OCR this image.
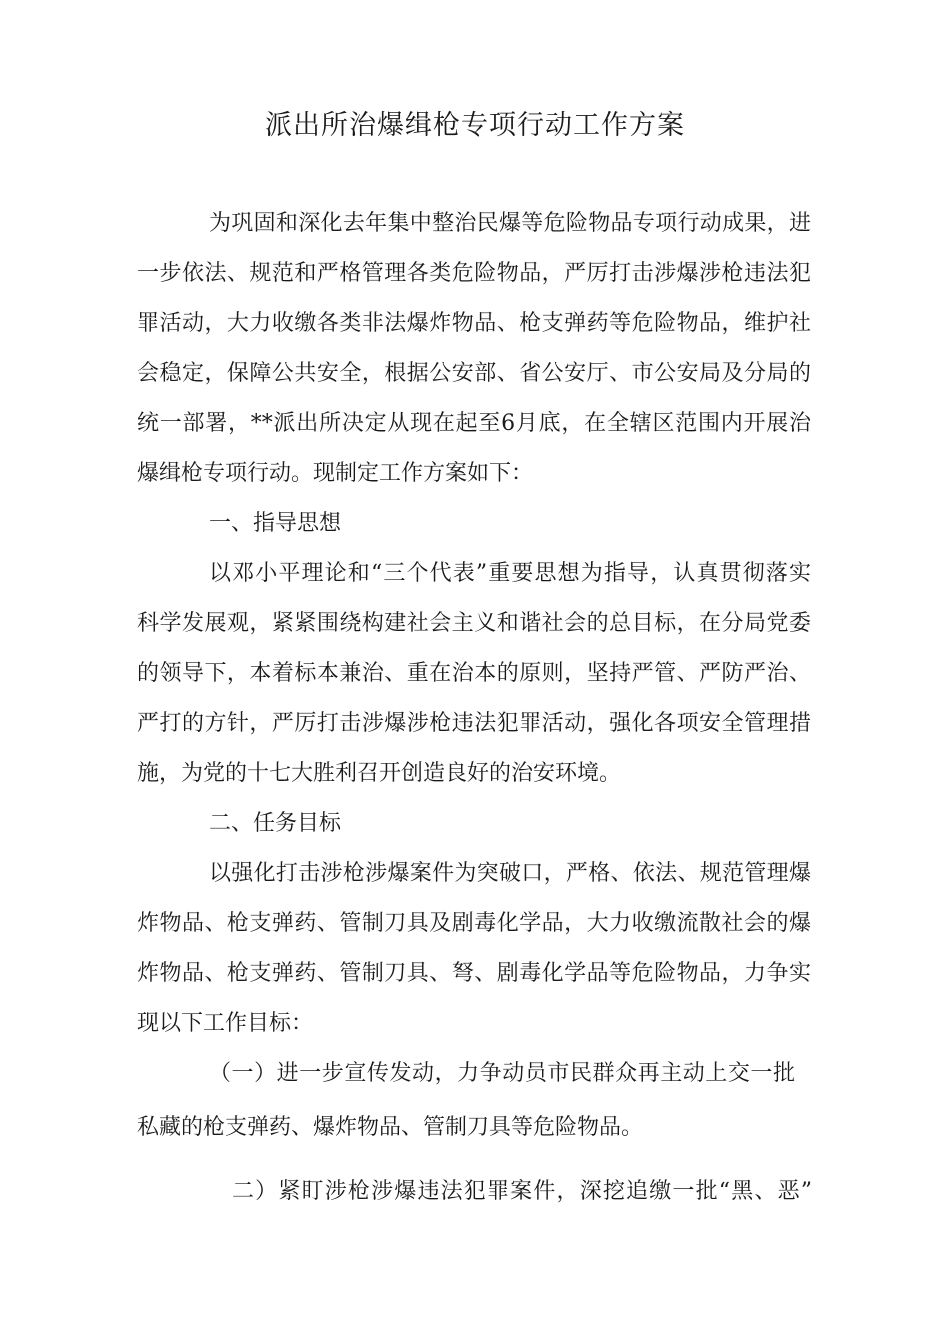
派出所治爆缉枪专项行动工作方案

为巩固和深化去年集中整治民爆等危险物品专项行动成果，进

一步依法、规范和严格管理各类危险物品，严厉打击涉爆涉枪违法犯

罪活动，大力收缴各类非法爆炸物品、枪支弹药等危险物品，维护社

会稳定，保障公共安全，根据公安部、省公安厅、市公安局及分局的

统一部署，**派出所决定从现在起至6月底，在全辖区范围内开展治

爆缉枪专项行动。现制定工作方案如下：

一、指导思想

以邓小平理论和“三个代表”重要思想为指导，认真贯彻落实

科学发展观，紧紧围绕构建社会主义和谐社会的总目标，在分局党委

的领导下，本着标本兼治、重在治本的原则，坚持严管、严防严治、

严打的方针，严厉打击涉爆涉枪违法犯罪活动，强化各项安全管理措

施，为党的十七大胜利召开创造良好的治安环境。

二、任务目标

以强化打击涉枪涉爆案件为突破口，严格、依法、规范管理爆

炸物品、枪支弹药、管制刀具及剧毒化学品，大力收缴流散社会的爆

炸物品、枪支弹药、管制刀具、弩、剧毒化学品等危险物品，力争实

现以下工作目标：

（一）进一步宣传发动，力争动员市民群众再主动上交一批

私藏的枪支弹药、爆炸物品、管制刀具等危险物品。

二）紧盯涉枪涉爆违法犯罪案件，深挖追缴一批“黑、恶”
